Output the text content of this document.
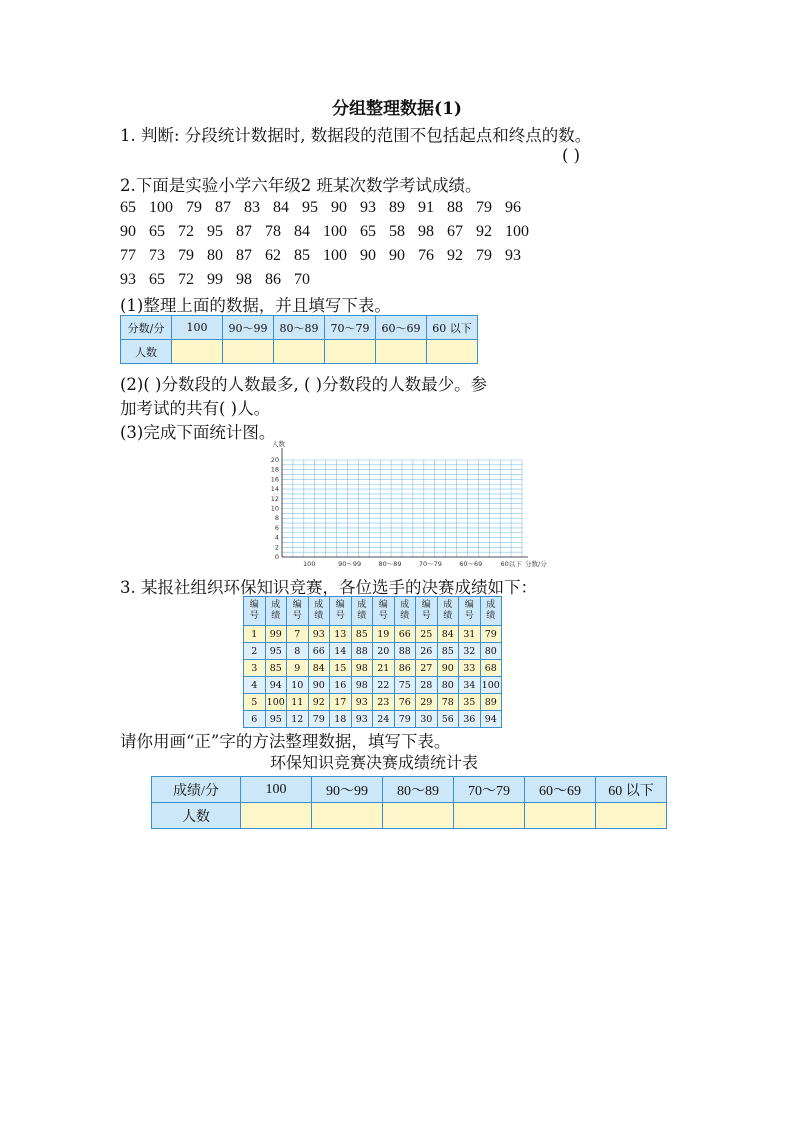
分组整理数据(1)
1. 判断: 分段统计数据时, 数据段的范围不包括起点和终点的数。
( )
2.下面是实验小学六年级2 班某次数学考试成绩。
65 100 79 87 83 84 95 90 93 89 91 88 79 96
90 65 72 95 87 78 84 100 65 58 98 67 92 100
77 73 79 80 87 62 85 100 90 90 76 92 79 93
93 65 72 99 98 86 70
(1)整理上面的数据，并且填写下表。
分数/分	100	90～99	80～89	70～79	60～69	60 以下
人数						
(2)( )分数段的人数最多, ( )分数段的人数最少。参
加考试的共有( )人。
(3)完成下面统计图。
0
2
4
6
8
10
12
14
16
18
20
人数
100	90～99	80～89	70～79	60～69	60以下 分数/分
3. 某报社组织环保知识竞赛，各位选手的决赛成绩如下：
编
号	成
绩	编
号	成
绩	编
号	成
绩	编
号	成
绩	编
号	成
绩	编
号	成
绩
1	99	7	93	13	85	19	66	25	84	31	79
2	95	8	66	14	88	20	88	26	85	32	80
3	85	9	84	15	98	21	86	27	90	33	68
4	94	10	90	16	98	22	75	28	80	34	100
5	100	11	92	17	93	23	76	29	78	35	89
6	95	12	79	18	93	24	79	30	56	36	94
请你用画“正”字的方法整理数据，填写下表。
环保知识竞赛决赛成绩统计表
成绩/分	100	90～99	80～89	70～79	60～69	60 以下
人数						
